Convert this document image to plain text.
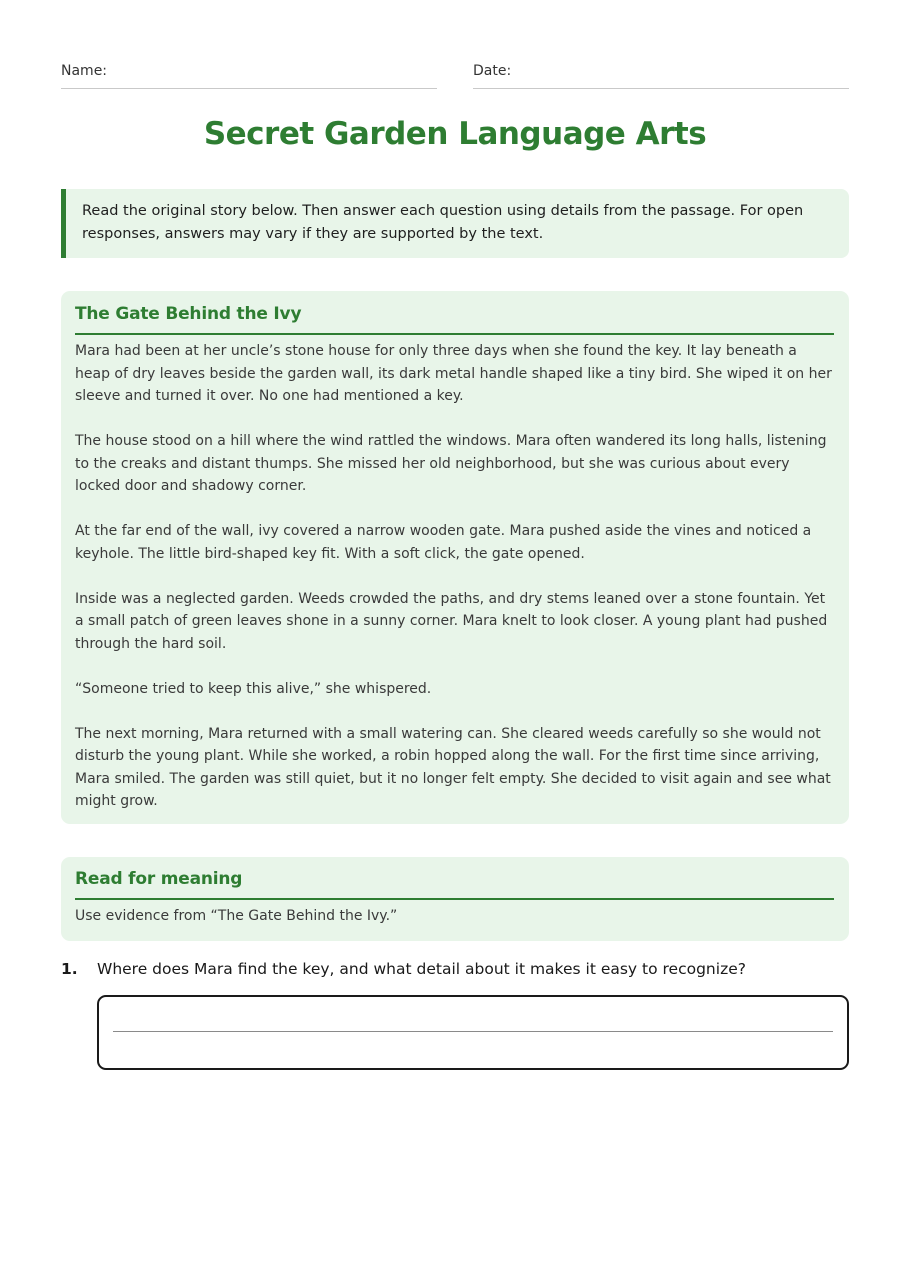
Name:	Date:
Secret Garden Language Arts
Read the original story below. Then answer each question using details from the passage. For open responses, answers may vary if they are supported by the text.
The Gate Behind the Ivy

Mara had been at her uncle’s stone house for only three days when she found the key. It lay beneath a heap of dry leaves beside the garden wall, its dark metal handle shaped like a tiny bird. She wiped it on her sleeve and turned it over. No one had mentioned a key.

The house stood on a hill where the wind rattled the windows. Mara often wandered its long halls, listening to the creaks and distant thumps. She missed her old neighborhood, but she was curious about every locked door and shadowy corner.

At the far end of the wall, ivy covered a narrow wooden gate. Mara pushed aside the vines and noticed a keyhole. The little bird-shaped key fit. With a soft click, the gate opened.

Inside was a neglected garden. Weeds crowded the paths, and dry stems leaned over a stone fountain. Yet a small patch of green leaves shone in a sunny corner. Mara knelt to look closer. A young plant had pushed through the hard soil.

“Someone tried to keep this alive,” she whispered.

The next morning, Mara returned with a small watering can. She cleared weeds carefully so she would not disturb the young plant. While she worked, a robin hopped along the wall. For the first time since arriving, Mara smiled. The garden was still quiet, but it no longer felt empty. She decided to visit again and see what might grow.

Read for meaning
Use evidence from “The Gate Behind the Ivy.”
1. Where does Mara find the key, and what detail about it makes it easy to recognize?
